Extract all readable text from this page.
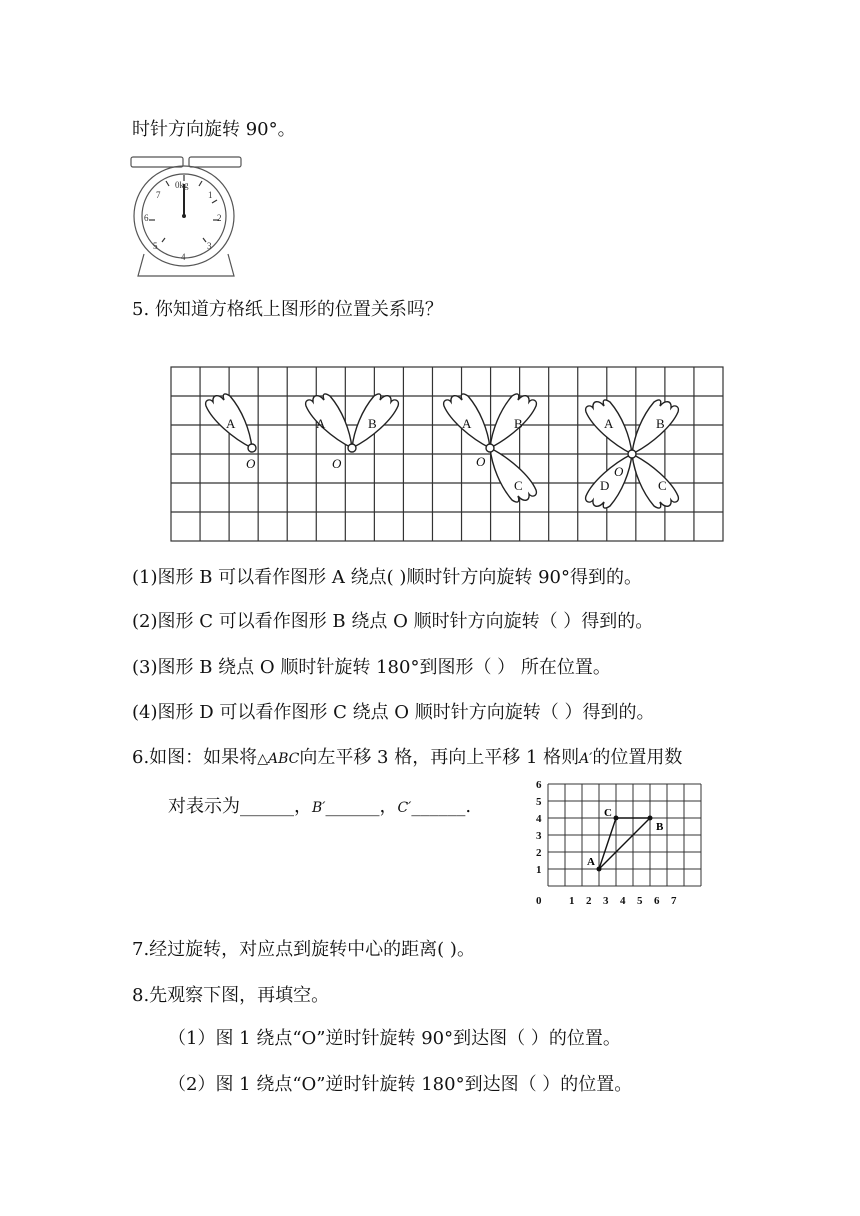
时针方向旋转 90°。
0kg
1
2
3
4
5
6
7
5. 你知道方格纸上图形的位置关系吗？
A
O
A	B
O
A	B
O
C
A	B
O
D	C
(1)图形 B 可以看作图形 A 绕点( )顺时针方向旋转 90°得到的。
(2)图形 C 可以看作图形 B 绕点 O 顺时针方向旋转（ ）得到的。
(3)图形 B 绕点 O 顺时针旋转 180°到图形（ ） 所在位置。
(4)图形 D 可以看作图形 C 绕点 O 顺时针方向旋转（ ）得到的。
6.如图：如果将△ABC向左平移 3 格，再向上平移 1 格则A′的位置用数
对表示为______，B′______，C′______.
0	1 2 3 4 5 6 7
1
2
3
4
5
6
A
B
C
7.经过旋转，对应点到旋转中心的距离( )。
8.先观察下图，再填空。
（1）图 1 绕点“O”逆时针旋转 90°到达图（ ）的位置。
（2）图 1 绕点“O”逆时针旋转 180°到达图（ ）的位置。
